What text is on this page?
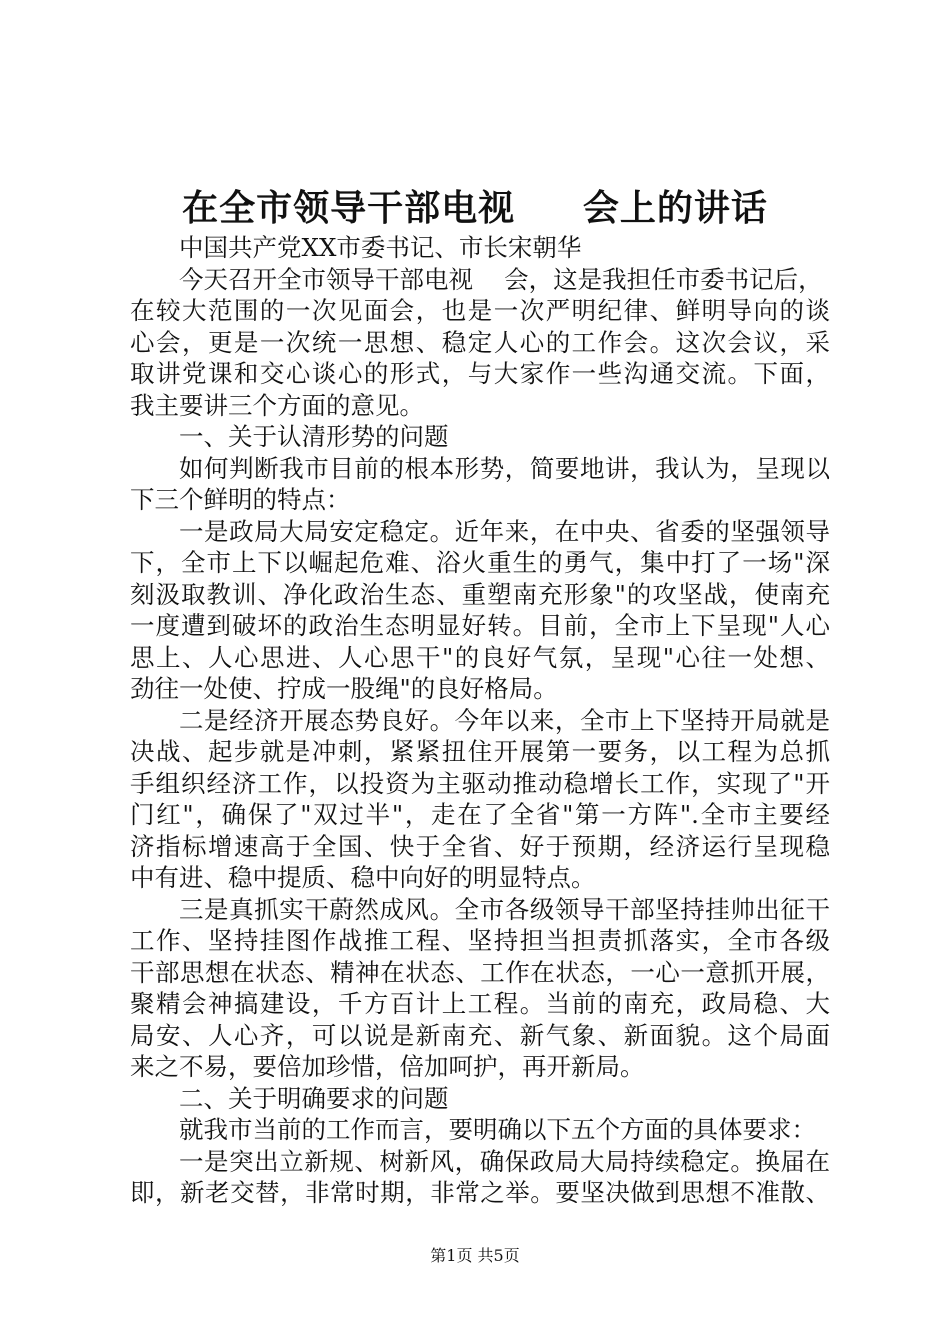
在全市领导干部电视     会上的讲话
中国共产党XX市委书记、市长宋朝华
今天召开全市领导干部电视    会，这是我担任市委书记后，
在较大范围的一次见面会，也是一次严明纪律、鲜明导向的谈
心会，更是一次统一思想、稳定人心的工作会。这次会议，采
取讲党课和交心谈心的形式，与大家作一些沟通交流。下面，
我主要讲三个方面的意见。
一、关于认清形势的问题
如何判断我市目前的根本形势，简要地讲，我认为，呈现以
下三个鲜明的特点：
一是政局大局安定稳定。近年来，在中央、省委的坚强领导
下，全市上下以崛起危难、浴火重生的勇气，集中打了一场"深
刻汲取教训、净化政治生态、重塑南充形象"的攻坚战，使南充
一度遭到破坏的政治生态明显好转。目前，全市上下呈现"人心
思上、人心思进、人心思干"的良好气氛，呈现"心往一处想、
劲往一处使、拧成一股绳"的良好格局。
二是经济开展态势良好。今年以来，全市上下坚持开局就是
决战、起步就是冲刺，紧紧扭住开展第一要务，以工程为总抓
手组织经济工作，以投资为主驱动推动稳增长工作，实现了"开
门红"，确保了"双过半"，走在了全省"第一方阵".全市主要经
济指标增速高于全国、快于全省、好于预期，经济运行呈现稳
中有进、稳中提质、稳中向好的明显特点。
三是真抓实干蔚然成风。全市各级领导干部坚持挂帅出征干
工作、坚持挂图作战推工程、坚持担当担责抓落实，全市各级
干部思想在状态、精神在状态、工作在状态，一心一意抓开展，
聚精会神搞建设，千方百计上工程。当前的南充，政局稳、大
局安、人心齐，可以说是新南充、新气象、新面貌。这个局面
来之不易，要倍加珍惜，倍加呵护，再开新局。
二、关于明确要求的问题
就我市当前的工作而言，要明确以下五个方面的具体要求：
一是突出立新规、树新风，确保政局大局持续稳定。换届在
即，新老交替，非常时期，非常之举。要坚决做到思想不准散、
第1页 共5页
